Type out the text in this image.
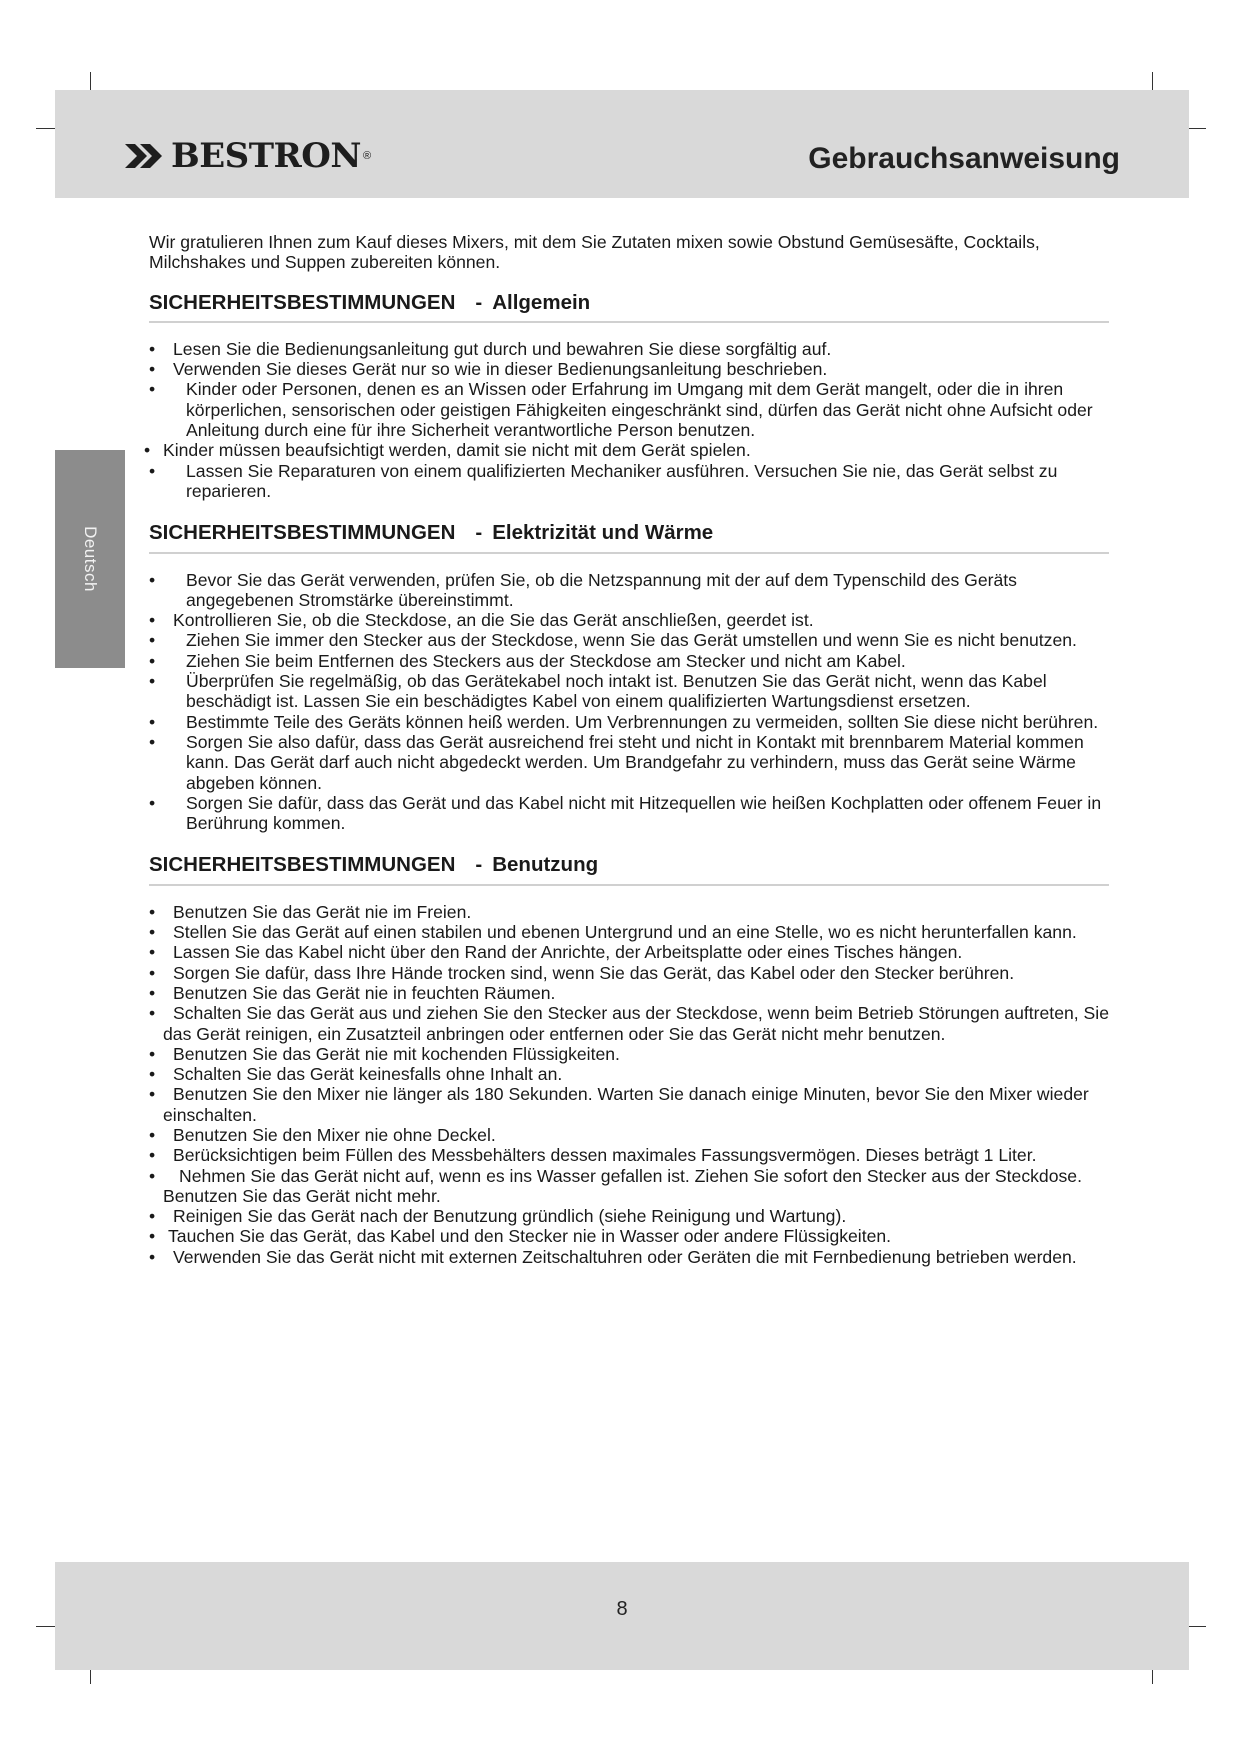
BESTRON ®	Gebrauchsanweisung
Deutsch

Wir gratulieren Ihnen zum Kauf dieses Mixers, mit dem Sie Zutaten mixen sowie Obstund Gemüsesäfte, Cocktails, Milchshakes und Suppen zubereiten können.

SICHERHEITSBESTIMMUNGEN - Allgemein
• Lesen Sie die Bedienungsanleitung gut durch und bewahren Sie diese sorgfältig auf.
• Verwenden Sie dieses Gerät nur so wie in dieser Bedienungsanleitung beschrieben.
• Kinder oder Personen, denen es an Wissen oder Erfahrung im Umgang mit dem Gerät mangelt, oder die in ihren körperlichen, sensorischen oder geistigen Fähigkeiten eingeschränkt sind, dürfen das Gerät nicht ohne Aufsicht oder Anleitung durch eine für ihre Sicherheit verantwortliche Person benutzen.
• Kinder müssen beaufsichtigt werden, damit sie nicht mit dem Gerät spielen.
• Lassen Sie Reparaturen von einem qualifizierten Mechaniker ausführen. Versuchen Sie nie, das Gerät selbst zu reparieren.
SICHERHEITSBESTIMMUNGEN - Elektrizität und Wärme
• Bevor Sie das Gerät verwenden, prüfen Sie, ob die Netzspannung mit der auf dem Typenschild des Geräts angegebenen Stromstärke übereinstimmt.
• Kontrollieren Sie, ob die Steckdose, an die Sie das Gerät anschließen, geerdet ist.
• Ziehen Sie immer den Stecker aus der Steckdose, wenn Sie das Gerät umstellen und wenn Sie es nicht benutzen.
• Ziehen Sie beim Entfernen des Steckers aus der Steckdose am Stecker und nicht am Kabel.
• Überprüfen Sie regelmäßig, ob das Gerätekabel noch intakt ist. Benutzen Sie das Gerät nicht, wenn das Kabel beschädigt ist. Lassen Sie ein beschädigtes Kabel von einem qualifizierten Wartungsdienst ersetzen.
• Bestimmte Teile des Geräts können heiß werden. Um Verbrennungen zu vermeiden, sollten Sie diese nicht berühren.
• Sorgen Sie also dafür, dass das Gerät ausreichend frei steht und nicht in Kontakt mit brennbarem Material kommen kann. Das Gerät darf auch nicht abgedeckt werden. Um Brandgefahr zu verhindern, muss das Gerät seine Wärme abgeben können.
• Sorgen Sie dafür, dass das Gerät und das Kabel nicht mit Hitzequellen wie heißen Kochplatten oder offenem Feuer in Berührung kommen.
SICHERHEITSBESTIMMUNGEN - Benutzung
•	Benutzen Sie das Gerät nie im Freien.
•	Stellen Sie das Gerät auf einen stabilen und ebenen Untergrund und an eine Stelle, wo es nicht herunterfallen kann.
•	Lassen Sie das Kabel nicht über den Rand der Anrichte, der Arbeitsplatte oder eines Tisches hängen.
•	Sorgen Sie dafür, dass Ihre Hände trocken sind, wenn Sie das Gerät, das Kabel oder den Stecker berühren.
•	Benutzen Sie das Gerät nie in feuchten Räumen.
•	Schalten Sie das Gerät aus und ziehen Sie den Stecker aus der Steckdose, wenn beim Betrieb Störungen auftreten, Sie das Gerät reinigen, ein Zusatzteil anbringen oder entfernen oder Sie das Gerät nicht mehr benutzen.
•	Benutzen Sie das Gerät nie mit kochenden Flüssigkeiten.
•	Schalten Sie das Gerät keinesfalls ohne Inhalt an.
•	Benutzen Sie den Mixer nie länger als 180 Sekunden. Warten Sie danach einige Minuten, bevor Sie den Mixer wieder einschalten.
•	Benutzen Sie den Mixer nie ohne Deckel.
•	Berücksichtigen beim Füllen des Messbehälters dessen maximales Fassungsvermögen. Dieses beträgt 1 Liter.
•	Nehmen Sie das Gerät nicht auf, wenn es ins Wasser gefallen ist. Ziehen Sie sofort den Stecker aus der Steckdose. Benutzen Sie das Gerät nicht mehr.
•	Reinigen Sie das Gerät nach der Benutzung gründlich (siehe Reinigung und Wartung).
• Tauchen Sie das Gerät, das Kabel und den Stecker nie in Wasser oder andere Flüssigkeiten.
•	Verwenden Sie das Gerät nicht mit externen Zeitschaltuhren oder Geräten die mit Fernbedienung betrieben werden.
8
